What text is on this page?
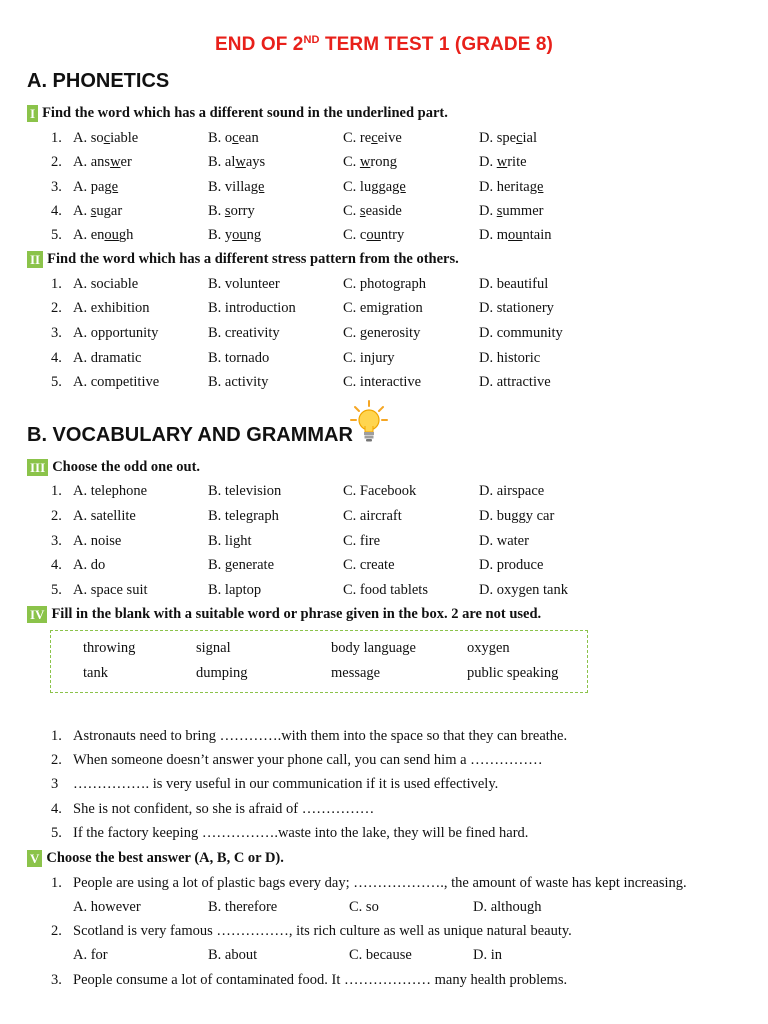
END OF 2ND TERM TEST 1 (GRADE 8)
A. PHONETICS
I Find the word which has a different sound in the underlined part.
1. A. sociable	B. ocean	C. receive	D. special
2. A. answer	B. always	C. wrong	D. write
3. A. page	B. village	C. luggage	D. heritage
4. A. sugar	B. sorry	C. seaside	D. summer
5. A. enough	B. young	C. country	D. mountain
II Find the word which has a different stress pattern from the others.
1. A. sociable	B. volunteer	C. photograph	D. beautiful
2. A. exhibition	B. introduction	C. emigration	D. stationery
3. A. opportunity	B. creativity	C. generosity	D. community
4. A. dramatic	B. tornado	C. injury	D. historic
5. A. competitive	B. activity	C. interactive	D. attractive
B. VOCABULARY AND GRAMMAR
III Choose the odd one out.
1. A. telephone	B. television	C. Facebook	D. airspace
2. A. satellite	B. telegraph	C. aircraft	D. buggy car
3. A. noise	B. light	C. fire	D. water
4. A. do	B. generate	C. create	D. produce
5. A. space suit	B. laptop	C. food tablets	D. oxygen tank
IV Fill in the blank with a suitable word or phrase given in the box. 2 are not used.
throwing	signal	body language	oxygen
tank	dumping	message	public speaking
1. Astronauts need to bring ………….with them into the space so that they can breathe.
2. When someone doesn’t answer your phone call, you can send him a ……………
3 ……………. is very useful in our communication if it is used effectively.
4. She is not confident, so she is afraid of ……………
5. If the factory keeping …………….waste into the lake, they will be fined hard.
V Choose the best answer (A, B, C or D).
1. People are using a lot of plastic bags every day; ………………., the amount of waste has kept increasing.
A. however	B. therefore	C. so	D. although
2. Scotland is very famous ……………, its rich culture as well as unique natural beauty.
A. for	B. about	C. because	D. in
3. People consume a lot of contaminated food. It ……………… many health problems.
